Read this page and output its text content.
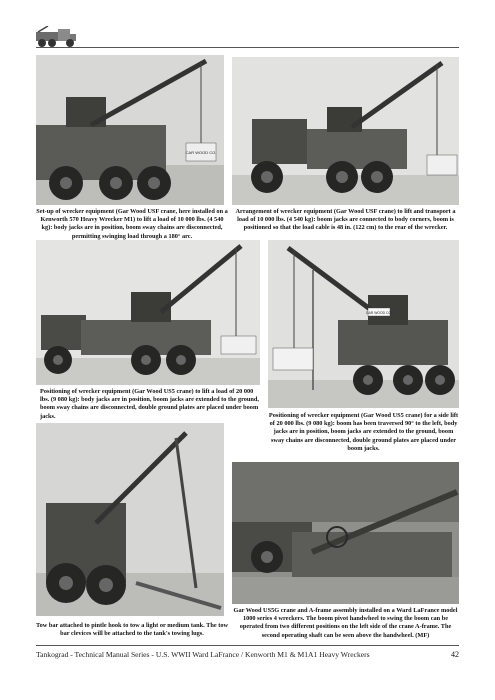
CAR WOOD CO.
Set-up of wrecker equipment (Gar Wood USF crane, here installed on a Kenworth 570 Heavy Wrecker M1) to lift a load of 10 000 lbs. (4 540 kg): body jacks are in position, boom sway chains are disconnected, permitting swinging load through a 180° arc.
Arrangement of wrecker equipment (Gar Wood USF crane) to lift and transport a load of 10 000 lbs. (4 540 kg): boom jacks are connected to body corners, boom is positioned so that the load cable is 48 in. (122 cm) to the rear of the wrecker.
GAR WOOD CO.
Positioning of wrecker equipment (Gar Wood US5 crane) to lift a load of 20 000 lbs. (9 080 kg): body jacks are in position, boom jacks are extended to the ground, boom sway chains are disconnected, double ground plates are placed under boom jacks.	Positioning of wrecker equipment (Gar Wood US5 crane) for a side lift of 20 000 lbs. (9 080 kg): boom has been traversed 90° to the left, body jacks are in position, boom jacks are extended to the ground, boom sway chains are disconnected, double ground plates are placed under boom jacks.
Tow bar attached to pintle hook to tow a light or medium tank. The tow bar clevices will be attached to the tank's towing lugs.
Gar Wood US5G crane and A-frame assembly installed on a Ward LaFrance model 1000 series 4 wreckers. The boom pivot handwheel to swing the boom can be operated from two different positions on the left side of the crane A-frame. The second operating shaft can be seen above the handwheel. (MF)
Tankograd - Technical Manual Series - U.S. WWII Ward LaFrance / Kenworth M1 & M1A1 Heavy Wreckers	42
